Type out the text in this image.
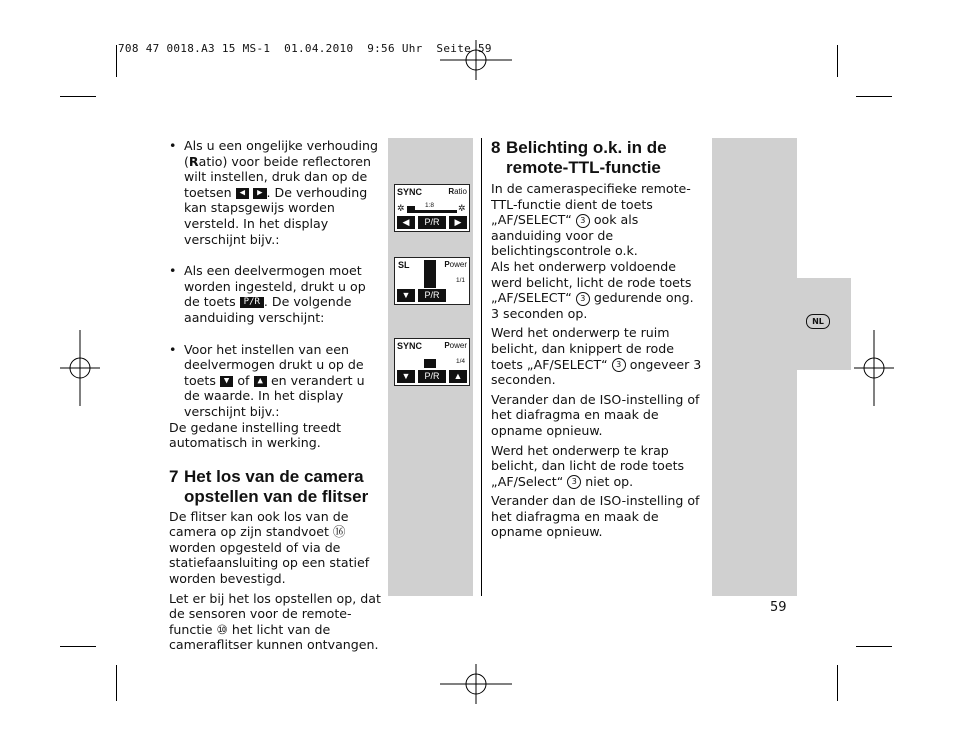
708 47 0018.A3 15 MS-1  01.04.2010  9:56 Uhr  Seite 59
NL

• Als u een ongelijke verhouding (Ratio) voor beide reflectoren wilt instellen, druk dan op de toetsen ◀ ▶ . De verhouding kan stapsgewijs worden versteld. In het display verschijnt bijv.:

• Als een deelvermogen moet worden ingesteld, drukt u op de toets P/R . De volgende aanduiding verschijnt:

• Voor het instellen van een deelvermogen drukt u op de toets ▼ of ▲ en verandert u de waarde. In het display verschijnt bijv.:

De gedane instelling treedt automatisch in werking.

7 Het los van de camera
opstellen van de flitser

De flitser kan ook los van de camera op zijn standvoet ⑯ worden opgesteld of via de statiefaansluiting op een statief worden bevestigd.

Let er bij het los opstellen op, dat de sensoren voor de remote-functie ⑩ het licht van de cameraflitser kunnen ontvangen.

SYNC	Ratio
1:8
✲	✲
◀	P/R	▶
SL	Power
1/1
▼	P/R
SYNC	Power
1/4
▼	P/R	▲
8 Belichting o.k. in de
remote-TTL-functie

In de cameraspecifieke remote-TTL-functie dient de toets „AF/SELECT“ 3 ook als aanduiding voor de belichtingscontrole o.k.

Als het onderwerp voldoende werd belicht, licht de rode toets „AF/SELECT“ 3 gedurende ong. 3 seconden op.

Werd het onderwerp te ruim belicht, dan knippert de rode toets „AF/SELECT“ 3 ongeveer 3 seconden.

Verander dan de ISO-instelling of het diafragma en maak de opname opnieuw.

Werd het onderwerp te krap belicht, dan licht de rode toets „AF/Select“ 3 niet op.

Verander dan de ISO-instelling of het diafragma en maak de opname opnieuw.

59
